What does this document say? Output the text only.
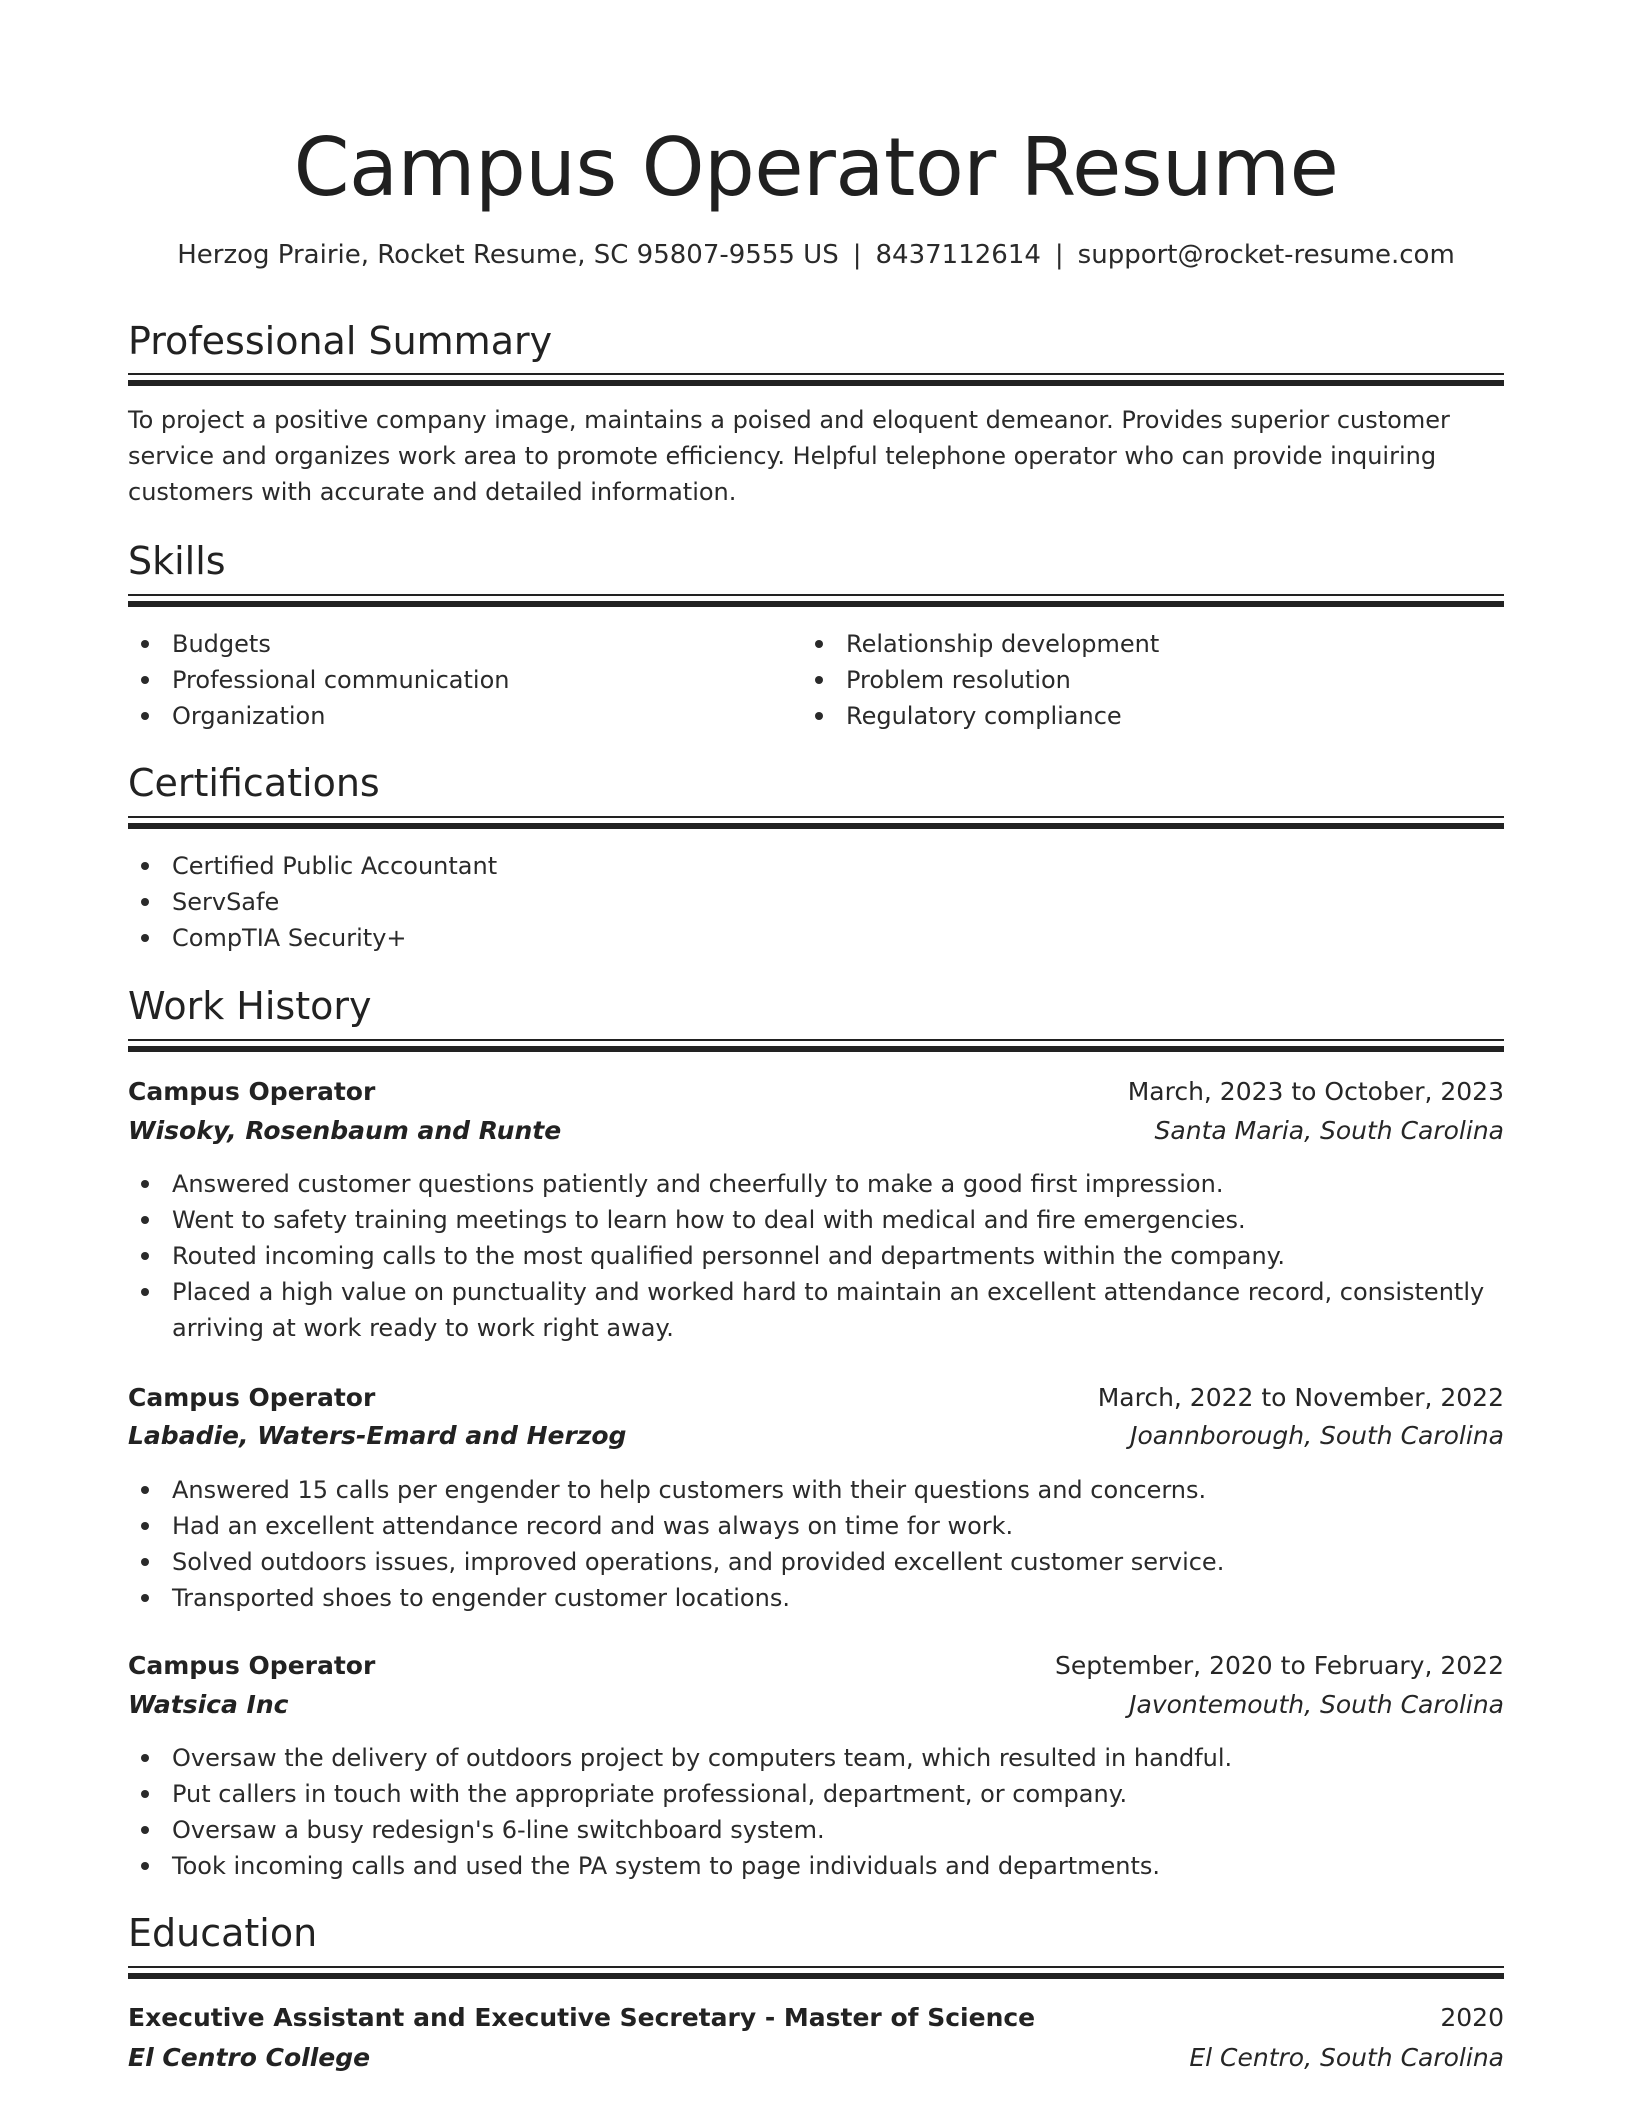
Campus Operator Resume
Herzog Prairie, Rocket Resume, SC 95807-9555 US | 8437112614 | support@rocket-resume.com
Professional Summary

To project a positive company image, maintains a poised and eloquent demeanor. Provides superior customer service and organizes work area to promote efficiency. Helpful telephone operator who can provide inquiring customers with accurate and detailed information.

Skills
Budgets
Professional communication
Organization
Relationship development
Problem resolution
Regulatory compliance
Certifications
Certified Public Accountant
ServSafe
CompTIA Security+
Work History
Campus Operator	March, 2023 to October, 2023
Wisoky, Rosenbaum and Runte	Santa Maria, South Carolina
Answered customer questions patiently and cheerfully to make a good first impression.
Went to safety training meetings to learn how to deal with medical and fire emergencies.
Routed incoming calls to the most qualified personnel and departments within the company.
Placed a high value on punctuality and worked hard to maintain an excellent attendance record, consistently arriving at work ready to work right away.
Campus Operator	March, 2022 to November, 2022
Labadie, Waters-Emard and Herzog	Joannborough, South Carolina
Answered 15 calls per engender to help customers with their questions and concerns.
Had an excellent attendance record and was always on time for work.
Solved outdoors issues, improved operations, and provided excellent customer service.
Transported shoes to engender customer locations.
Campus Operator	September, 2020 to February, 2022
Watsica Inc	Javontemouth, South Carolina
Oversaw the delivery of outdoors project by computers team, which resulted in handful.
Put callers in touch with the appropriate professional, department, or company.
Oversaw a busy redesign's 6-line switchboard system.
Took incoming calls and used the PA system to page individuals and departments.
Education
Executive Assistant and Executive Secretary - Master of Science	2020
El Centro College	El Centro, South Carolina
